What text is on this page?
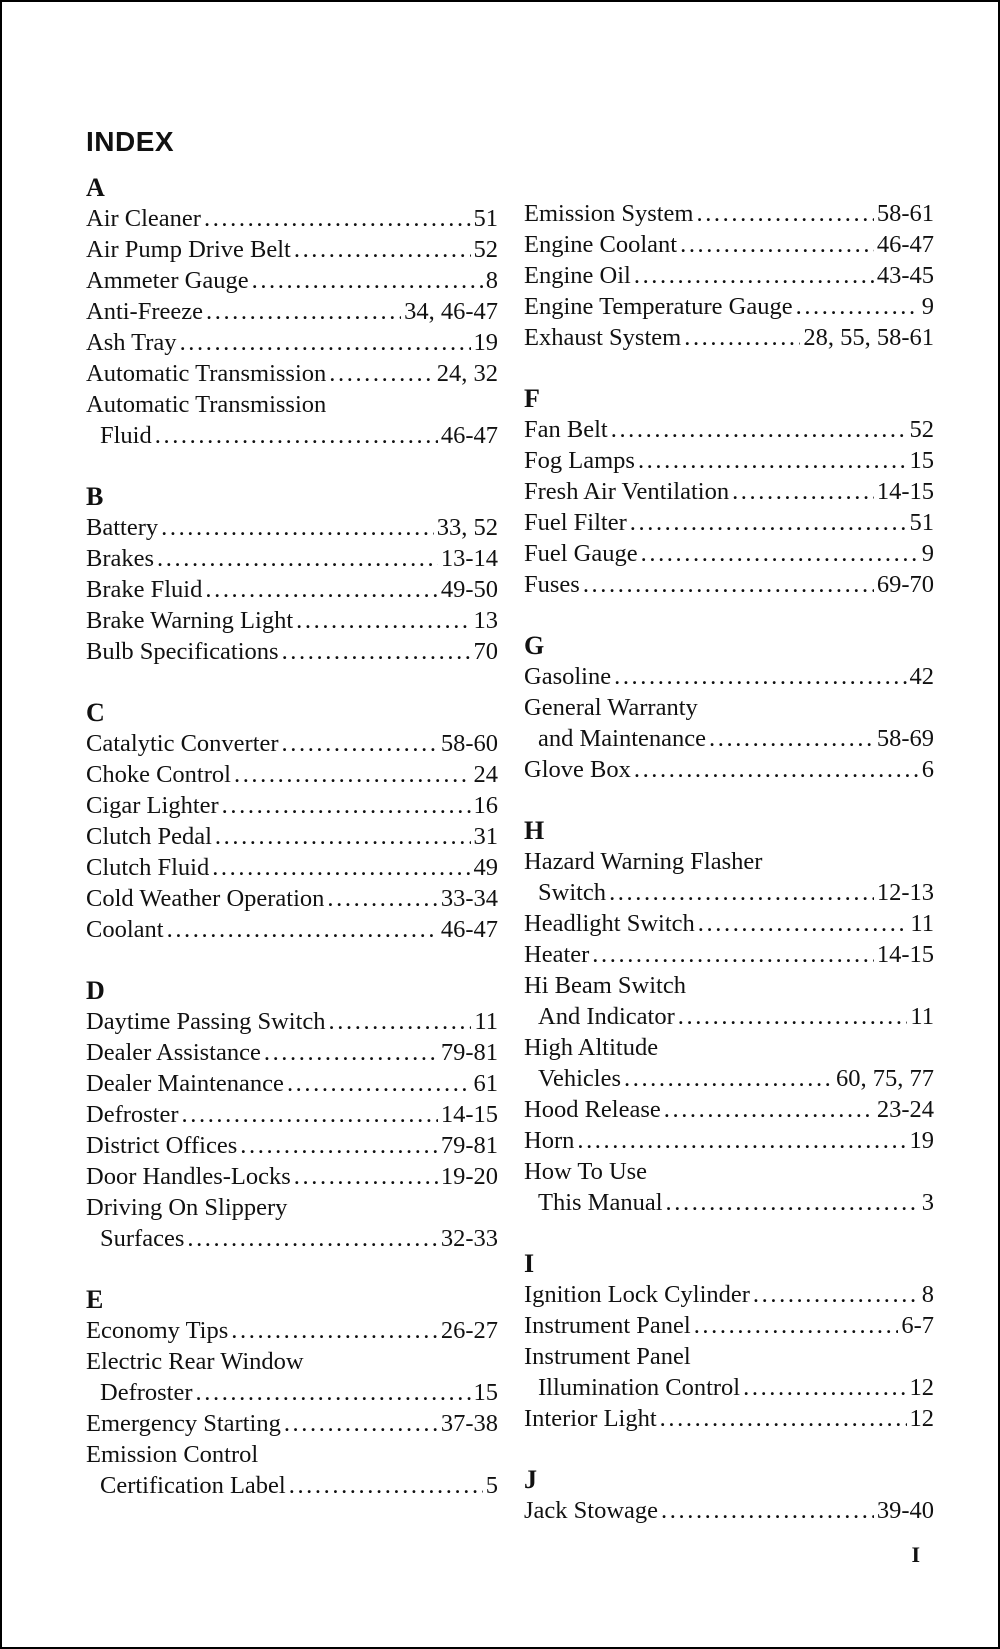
INDEX
A
Air Cleaner .....	51
Air Pump Drive Belt .....	52
Ammeter Gauge .....	8
Anti-Freeze .....	34, 46-47
Ash Tray .....	19
Automatic Transmission .....	24, 32
Automatic Transmission
Fluid .....	46-47
B
Battery .....	33, 52
Brakes .....	13-14
Brake Fluid .....	49-50
Brake Warning Light .....	13
Bulb Specifications .....	70
C
Catalytic Converter .....	58-60
Choke Control .....	24
Cigar Lighter .....	16
Clutch Pedal .....	31
Clutch Fluid .....	49
Cold Weather Operation .....	33-34
Coolant .....	46-47
D
Daytime Passing Switch .....	11
Dealer Assistance .....	79-81
Dealer Maintenance .....	61
Defroster .....	14-15
District Offices .....	79-81
Door Handles-Locks .....	19-20
Driving On Slippery
Surfaces .....	32-33
E
Economy Tips .....	26-27
Electric Rear Window
Defroster .....	15
Emergency Starting .....	37-38
Emission Control
Certification Label .....	5
Emission System .....	58-61
Engine Coolant .....	46-47
Engine Oil .....	43-45
Engine Temperature Gauge .....	9
Exhaust System .....	28, 55, 58-61
F
Fan Belt .....	52
Fog Lamps .....	15
Fresh Air Ventilation .....	14-15
Fuel Filter .....	51
Fuel Gauge .....	9
Fuses .....	69-70
G
Gasoline .....	42
General Warranty
and Maintenance .....	58-69
Glove Box .....	6
H
Hazard Warning Flasher
Switch .....	12-13
Headlight Switch .....	11
Heater .....	14-15
Hi Beam Switch
And Indicator .....	11
High Altitude
Vehicles .....	60, 75, 77
Hood Release .....	23-24
Horn .....	19
How To Use
This Manual .....	3
I
Ignition Lock Cylinder .....	8
Instrument Panel .....	6-7
Instrument Panel
Illumination Control .....	12
Interior Light .....	12
J
Jack Stowage .....	39-40
I
